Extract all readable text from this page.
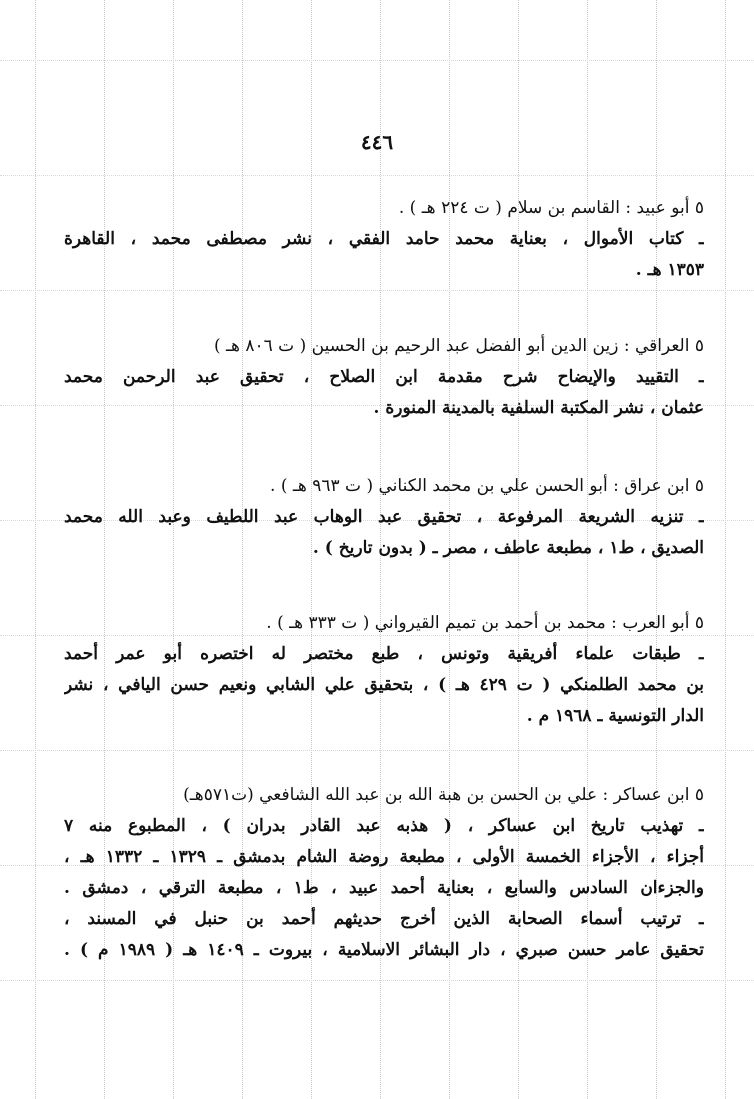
٤٤٦
٥ أبو عبيد : القاسم بن سلام ( ت ٢٢٤ هـ ) .
ـ كتاب الأموال ، بعناية محمد حامد الفقي ، نشر مصطفى محمد ، القاهرة
١٣٥٣ هـ .
٥ العراقي : زين الدين أبو الفضل عبد الرحيم بن الحسين ( ت ٨٠٦ هـ )
ـ التقييد والإيضاح شرح مقدمة ابن الصلاح ، تحقيق عبد الرحمن محمد
عثمان ، نشر المكتبة السلفية بالمدينة المنورة .
٥ ابن عراق : أبو الحسن علي بن محمد الكناني ( ت ٩٦٣ هـ ) .
ـ تنزيه الشريعة المرفوعة ، تحقيق عبد الوهاب عبد اللطيف وعبد الله محمد
الصديق ، ط١ ، مطبعة عاطف ، مصر ـ ( بدون تاريخ ) .
٥ أبو العرب : محمد بن أحمد بن تميم القيرواني ( ت ٣٣٣ هـ ) .
ـ طبقات علماء أفريقية وتونس ، طبع مختصر له اختصره أبو عمر أحمد
بن محمد الطلمنكي ( ت ٤٢٩ هـ ) ، بتحقيق علي الشابي ونعيم حسن اليافي ، نشر
الدار التونسية ـ ١٩٦٨ م .
٥ ابن عساكر : علي بن الحسن بن هبة الله بن عبد الله الشافعي (ت٥٧١هـ)
ـ تهذيب تاريخ ابن عساكر ، ( هذبه عبد القادر بدران ) ، المطبوع منه ٧
أجزاء ، الأجزاء الخمسة الأولى ، مطبعة روضة الشام بدمشق ـ ١٣٢٩ ـ ١٣٣٢ هـ ،
والجزءان السادس والسابع ، بعناية أحمد عبيد ، ط١ ، مطبعة الترقي ، دمشق .
ـ ترتيب أسماء الصحابة الذين أخرج حديثهم أحمد بن حنبل في المسند ،
تحقيق عامر حسن صبري ، دار البشائر الاسلامية ، بيروت ـ ١٤٠٩ هـ ( ١٩٨٩ م ) .
